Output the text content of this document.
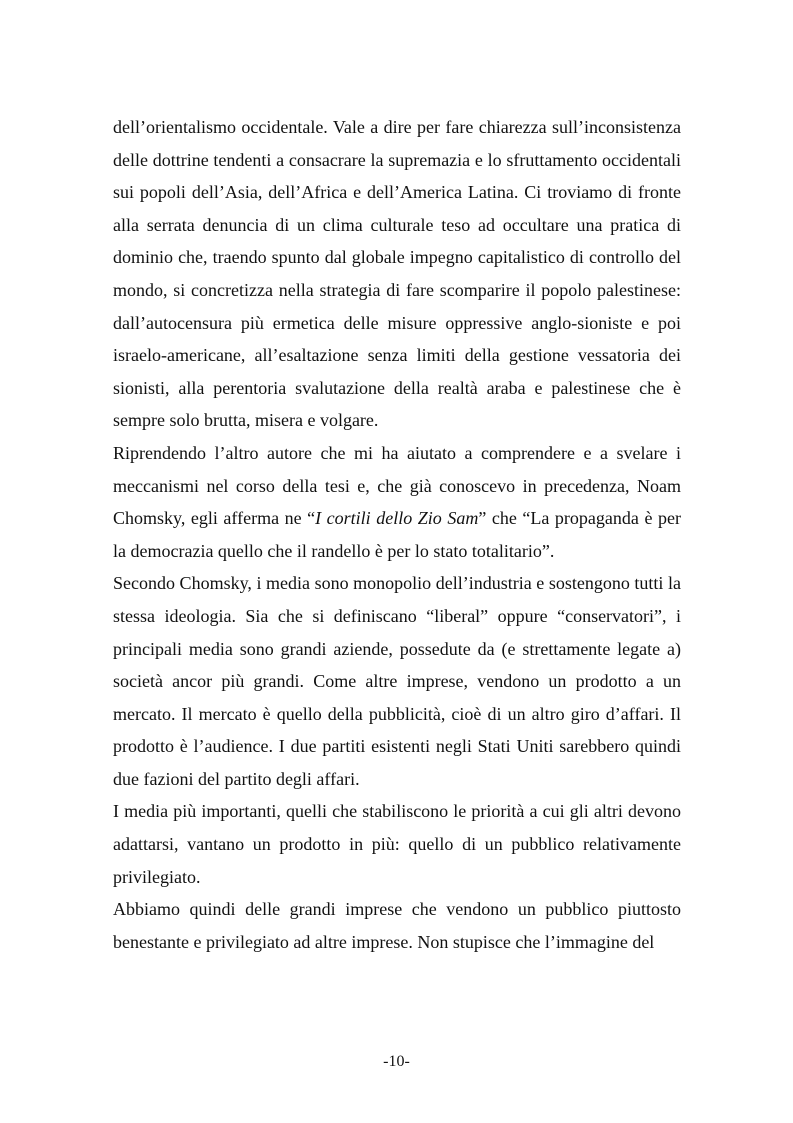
dell’orientalismo occidentale. Vale a dire per fare chiarezza sull’inconsistenza delle dottrine tendenti a consacrare la supremazia e lo sfruttamento occidentali sui popoli dell’Asia, dell’Africa e dell’America Latina. Ci troviamo di fronte alla serrata denuncia di un clima culturale teso ad occultare una pratica di dominio che, traendo spunto dal globale impegno capitalistico di controllo del mondo, si concretizza nella strategia di fare scomparire il popolo palestinese: dall’autocensura più ermetica delle misure oppressive anglo-sioniste e poi israelo-americane, all’esaltazione senza limiti della gestione vessatoria dei sionisti, alla perentoria svalutazione della realtà araba e palestinese che è sempre solo brutta, misera e volgare.

Riprendendo l’altro autore che mi ha aiutato a comprendere e a svelare i meccanismi nel corso della tesi e, che già conoscevo in precedenza, Noam Chomsky, egli afferma ne “I cortili dello Zio Sam” che “La propaganda è per la democrazia quello che il randello è per lo stato totalitario”.

Secondo Chomsky, i media sono monopolio dell’industria e sostengono tutti la stessa ideologia. Sia che si definiscano “liberal” oppure “conservatori”, i principali media sono grandi aziende, possedute da (e strettamente legate a) società ancor più grandi. Come altre imprese, vendono un prodotto a un mercato. Il mercato è quello della pubblicità, cioè di un altro giro d’affari. Il prodotto è l’audience. I due partiti esistenti negli Stati Uniti sarebbero quindi due fazioni del partito degli affari.

I media più importanti, quelli che stabiliscono le priorità a cui gli altri devono adattarsi, vantano un prodotto in più: quello di un pubblico relativamente privilegiato.

Abbiamo quindi delle grandi imprese che vendono un pubblico piuttosto benestante e privilegiato ad altre imprese. Non stupisce che l’immagine del

-10-
